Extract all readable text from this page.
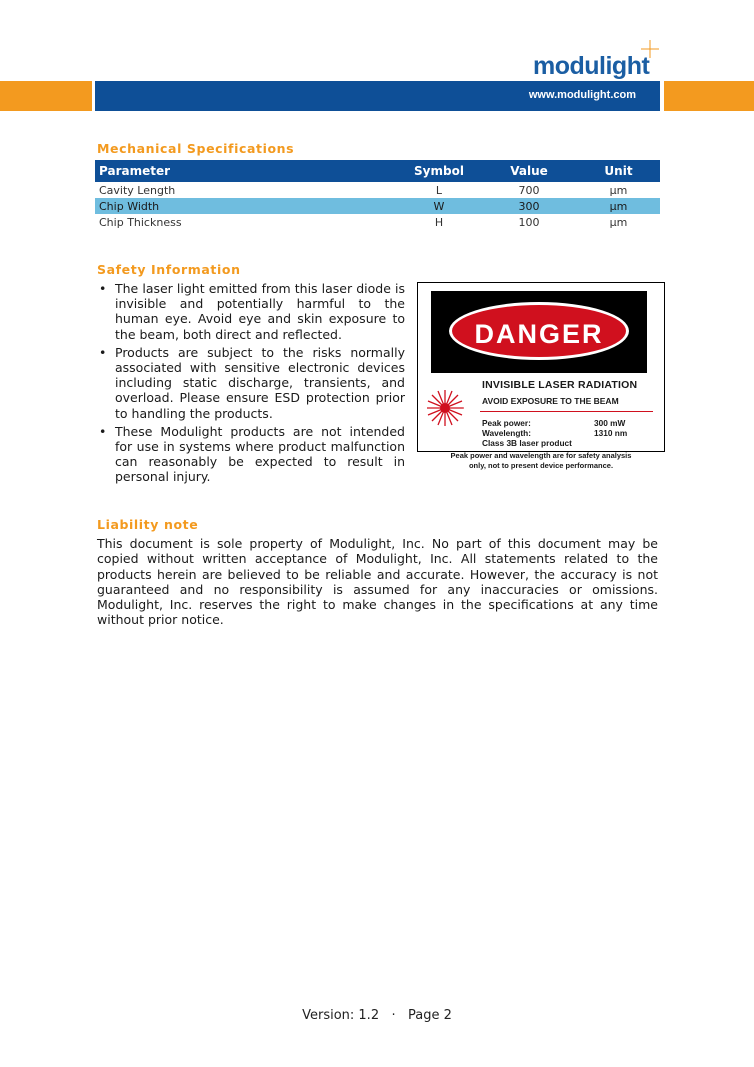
modulight
www.modulight.com
Mechanical Specifications
Parameter	Symbol	Value	Unit
Cavity Length	L	700	µm
Chip Width	W	300	µm
Chip Thickness	H	100	µm
Safety Information
• The laser light emitted from this laser diode is invisible and potentially harmful to the human eye. Avoid eye and skin exposure to the beam, both direct and reflected.
• Products are subject to the risks normally associated with sensitive electronic devices including static discharge, transients, and overload. Please ensure ESD protection prior to handling the products.
• These Modulight products are not intended for use in systems where product malfunction can reasonably be expected to result in personal injury.
DANGER
INVISIBLE LASER RADIATION
AVOID EXPOSURE TO THE BEAM
Peak power:	300 mW
Wavelength:	1310 nm
Class 3B laser product
Peak power and wavelength are for safety analysis
only, not to present device performance.
Liability note

This document is sole property of Modulight, Inc. No part of this document may be copied without written acceptance of Modulight, Inc. All statements related to the products herein are believed to be reliable and accurate. However, the accuracy is not guaranteed and no responsibility is assumed for any inaccuracies or omissions. Modulight, Inc. reserves the right to make changes in the specifications at any time without prior notice.

Version: 1.2   ·   Page 2
